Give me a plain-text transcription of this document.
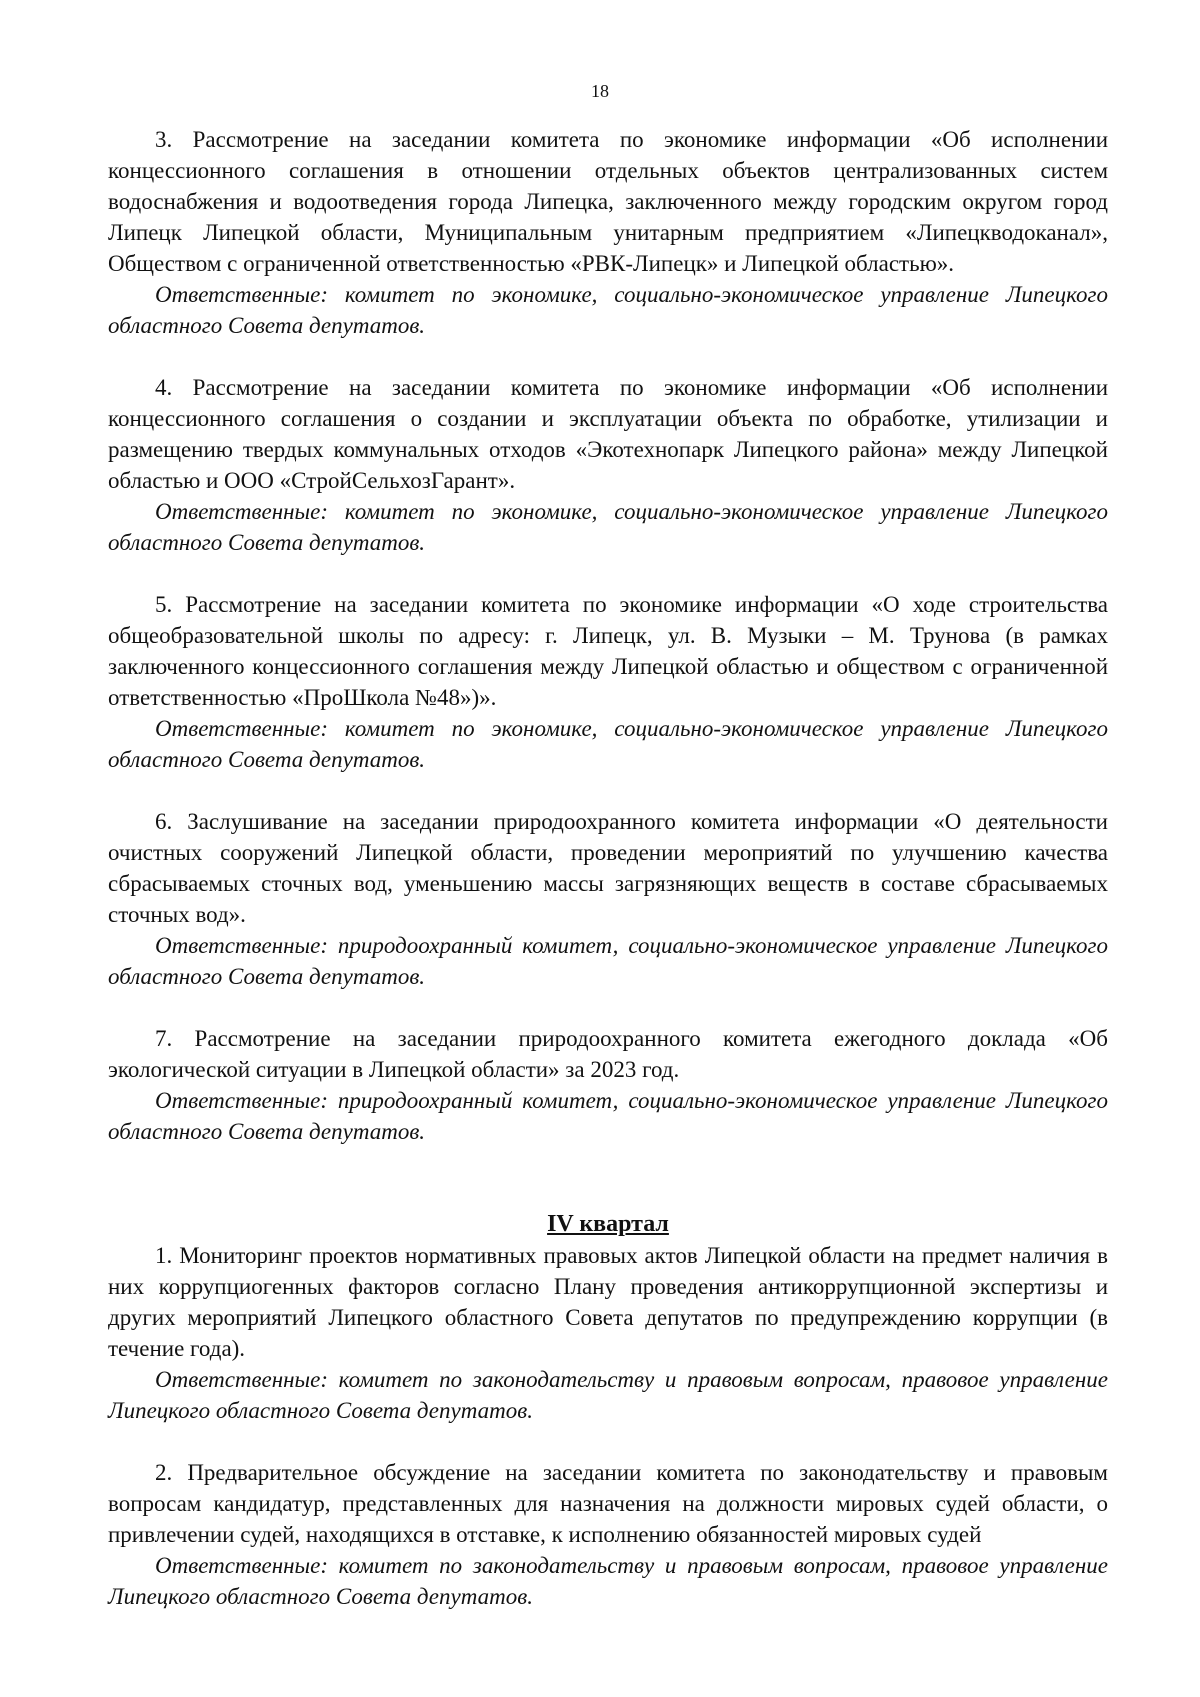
18

3. Рассмотрение на заседании комитета по экономике информации «Об исполнении концессионного соглашения в отношении отдельных объектов централизованных систем водоснабжения и водоотведения города Липецка, заключенного между городским округом город Липецк Липецкой области, Муниципальным унитарным предприятием «Липецкводоканал», Обществом с ограниченной ответственностью «РВК-Липецк» и Липецкой областью».

Ответственные: комитет по экономике, социально-экономическое управление Липецкого областного Совета депутатов.

4. Рассмотрение на заседании комитета по экономике информации «Об исполнении концессионного соглашения о создании и эксплуатации объекта по обработке, утилизации и размещению твердых коммунальных отходов «Экотехнопарк Липецкого района» между Липецкой областью и ООО «СтройСельхозГарант».

Ответственные: комитет по экономике, социально-экономическое управление Липецкого областного Совета депутатов.

5. Рассмотрение на заседании комитета по экономике информации «О ходе строительства общеобразовательной школы по адресу: г. Липецк, ул. В. Музыки – М. Трунова (в рамках заключенного концессионного соглашения между Липецкой областью и обществом с ограниченной ответственностью «ПроШкола №48»)».

Ответственные: комитет по экономике, социально-экономическое управление Липецкого областного Совета депутатов.

6. Заслушивание на заседании природоохранного комитета информации «О деятельности очистных сооружений Липецкой области, проведении мероприятий по улучшению качества сбрасываемых сточных вод, уменьшению массы загрязняющих веществ в составе сбрасываемых сточных вод».

Ответственные: природоохранный комитет, социально-экономическое управление Липецкого областного Совета депутатов.

7. Рассмотрение на заседании природоохранного комитета ежегодного доклада «Об экологической ситуации в Липецкой области» за 2023 год.

Ответственные: природоохранный комитет, социально-экономическое управление Липецкого областного Совета депутатов.

IV квартал

1. Мониторинг проектов нормативных правовых актов Липецкой области на предмет наличия в них коррупциогенных факторов согласно Плану проведения антикоррупционной экспертизы и других мероприятий Липецкого областного Совета депутатов по предупреждению коррупции (в течение года).

Ответственные: комитет по законодательству и правовым вопросам, правовое управление Липецкого областного Совета депутатов.

2. Предварительное обсуждение на заседании комитета по законодательству и правовым вопросам кандидатур, представленных для назначения на должности мировых судей области, о привлечении судей, находящихся в отставке, к исполнению обязанностей мировых судей

Ответственные: комитет по законодательству и правовым вопросам, правовое управление Липецкого областного Совета депутатов.
